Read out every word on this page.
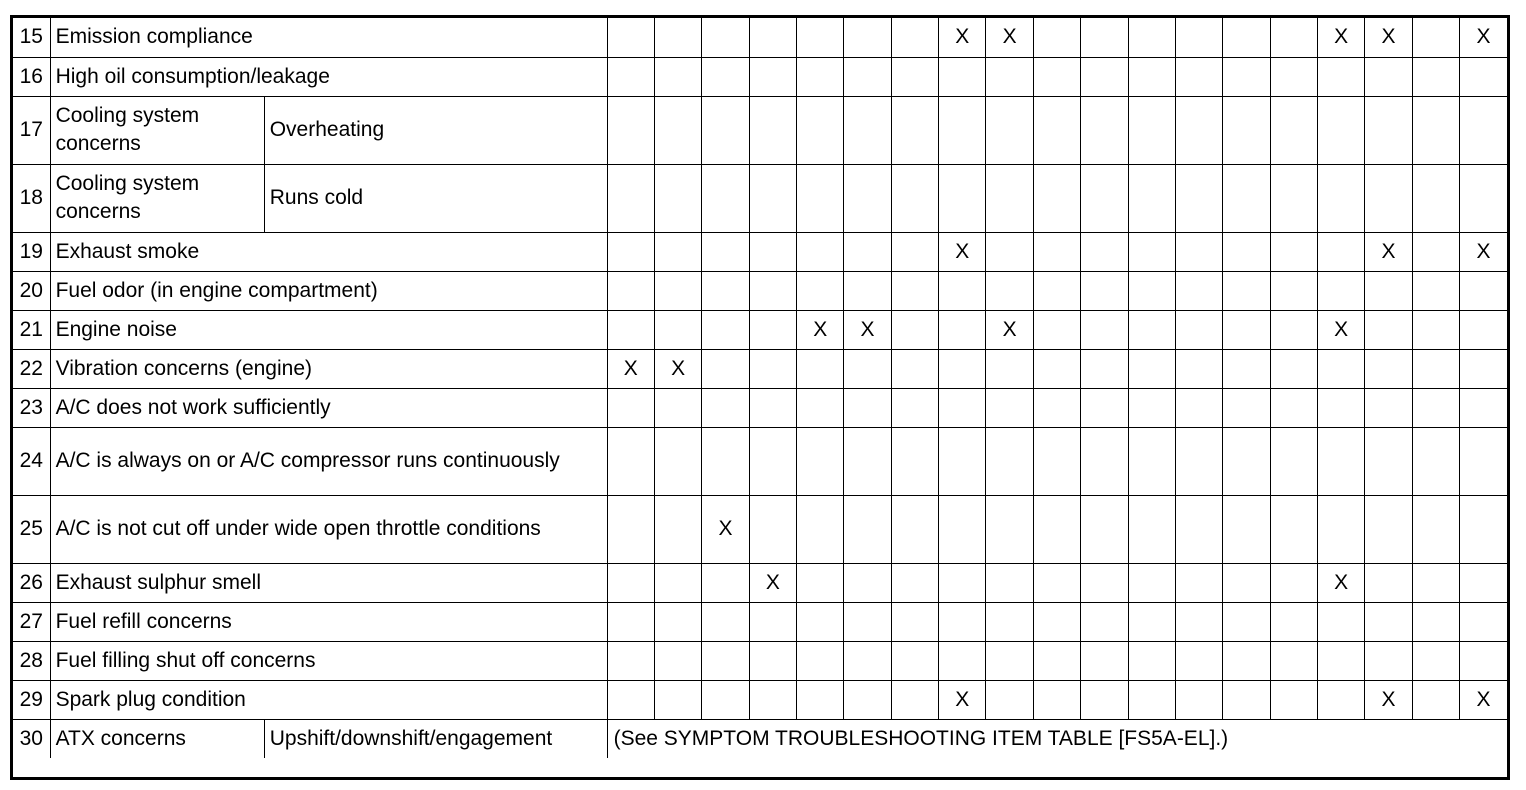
15	Emission compliance									X	X							X	X		X
16	High oil consumption/leakage																				
17	Cooling system concerns	Overheating																			
18	Cooling system concerns	Runs cold																			
19	Exhaust smoke									X									X		X
20	Fuel odor (in engine compartment)																				
21	Engine noise						X	X			X							X			
22	Vibration concerns (engine)		X	X																	
23	A/C does not work sufficiently																				
24	A/C is always on or A/C compressor runs continuously																				
25	A/C is not cut off under wide open throttle conditions				X																
26	Exhaust sulphur smell					X												X			
27	Fuel refill concerns																				
28	Fuel filling shut off concerns																				
29	Spark plug condition									X									X		X
30	ATX concerns	Upshift/downshift/engagement	(See SYMPTOM TROUBLESHOOTING ITEM TABLE [FS5A-EL].)																		
